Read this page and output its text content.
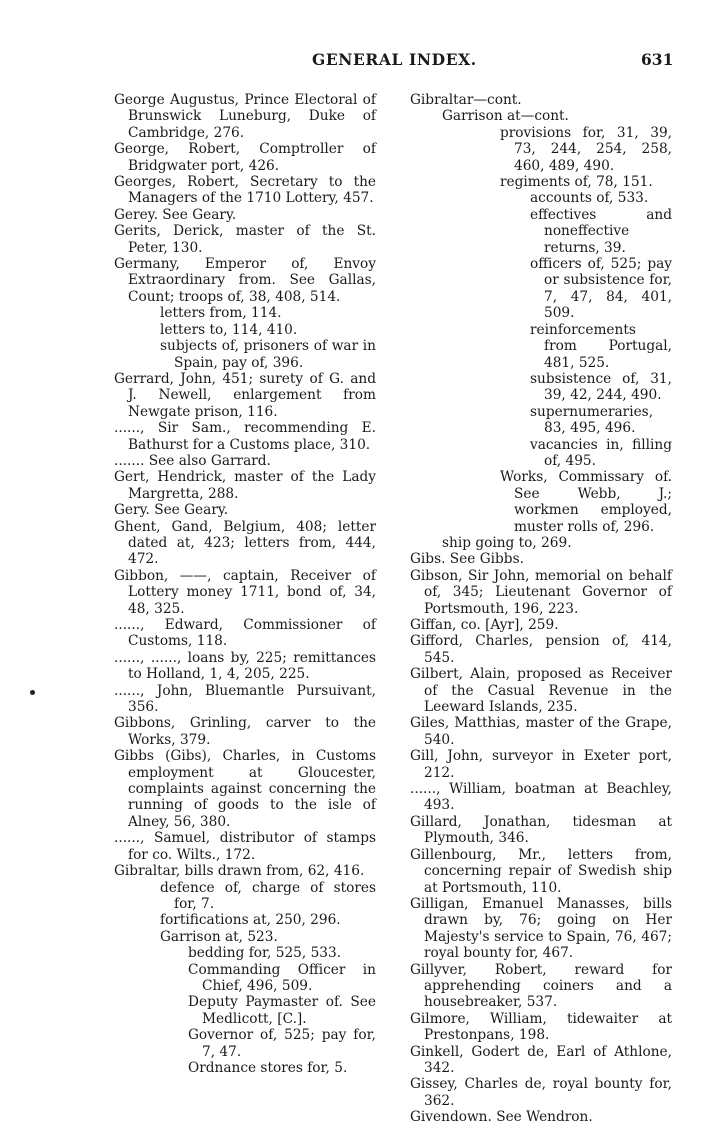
GENERAL INDEX.	631
George Augustus, Prince Electoral of Brunswick Luneburg, Duke of Cambridge, 276.
George, Robert, Comptroller of Bridgwater port, 426.
Georges, Robert, Secretary to the Managers of the 1710 Lottery, 457.
Gerey. See Geary.
Gerits, Derick, master of the St. Peter, 130.
Germany, Emperor of, Envoy Extraordinary from. See Gallas, Count; troops of, 38, 408, 514.
letters from, 114.
letters to, 114, 410.
subjects of, prisoners of war in Spain, pay of, 396.
Gerrard, John, 451; surety of G. and J. Newell, enlargement from Newgate prison, 116.
......, Sir Sam., recommending E. Bathurst for a Customs place, 310.
....... See also Garrard.
Gert, Hendrick, master of the Lady Margretta, 288.
Gery. See Geary.
Ghent, Gand, Belgium, 408; letter dated at, 423; letters from, 444, 472.
Gibbon, ——, captain, Receiver of Lottery money 1711, bond of, 34, 48, 325.
......, Edward, Commissioner of Customs, 118.
......, ......, loans by, 225; remittances to Holland, 1, 4, 205, 225.
......, John, Bluemantle Pursuivant, 356.
Gibbons, Grinling, carver to the Works, 379.
Gibbs (Gibs), Charles, in Customs employment at Gloucester, complaints against concerning the running of goods to the isle of Alney, 56, 380.
......, Samuel, distributor of stamps for co. Wilts., 172.
Gibraltar, bills drawn from, 62, 416.
defence of, charge of stores for, 7.
fortifications at, 250, 296.
Garrison at, 523.
bedding for, 525, 533.
Commanding Officer in Chief, 496, 509.
Deputy Paymaster of. See Medlicott, [C.].
Governor of, 525; pay for, 7, 47.
Ordnance stores for, 5.
Gibraltar—cont.
Garrison at—cont.
provisions for, 31, 39, 73, 244, 254, 258, 460, 489, 490.
regiments of, 78, 151.
accounts of, 533.
effectives and noneffective returns, 39.
officers of, 525; pay or subsistence for, 7, 47, 84, 401, 509.
reinforcements from Portugal, 481, 525.
subsistence of, 31, 39, 42, 244, 490.
supernumeraries, 83, 495, 496.
vacancies in, filling of, 495.
Works, Commissary of. See Webb, J.; workmen employed, muster rolls of, 296.
ship going to, 269.
Gibs. See Gibbs.
Gibson, Sir John, memorial on behalf of, 345; Lieutenant Governor of Portsmouth, 196, 223.
Giffan, co. [Ayr], 259.
Gifford, Charles, pension of, 414, 545.
Gilbert, Alain, proposed as Receiver of the Casual Revenue in the Leeward Islands, 235.
Giles, Matthias, master of the Grape, 540.
Gill, John, surveyor in Exeter port, 212.
......, William, boatman at Beachley, 493.
Gillard, Jonathan, tidesman at Plymouth, 346.
Gillenbourg, Mr., letters from, concerning repair of Swedish ship at Portsmouth, 110.
Gilligan, Emanuel Manasses, bills drawn by, 76; going on Her Majesty's service to Spain, 76, 467; royal bounty for, 467.
Gillyver, Robert, reward for apprehending coiners and a housebreaker, 537.
Gilmore, William, tidewaiter at Prestonpans, 198.
Ginkell, Godert de, Earl of Athlone, 342.
Gissey, Charles de, royal bounty for, 362.
Givendown. See Wendron.
